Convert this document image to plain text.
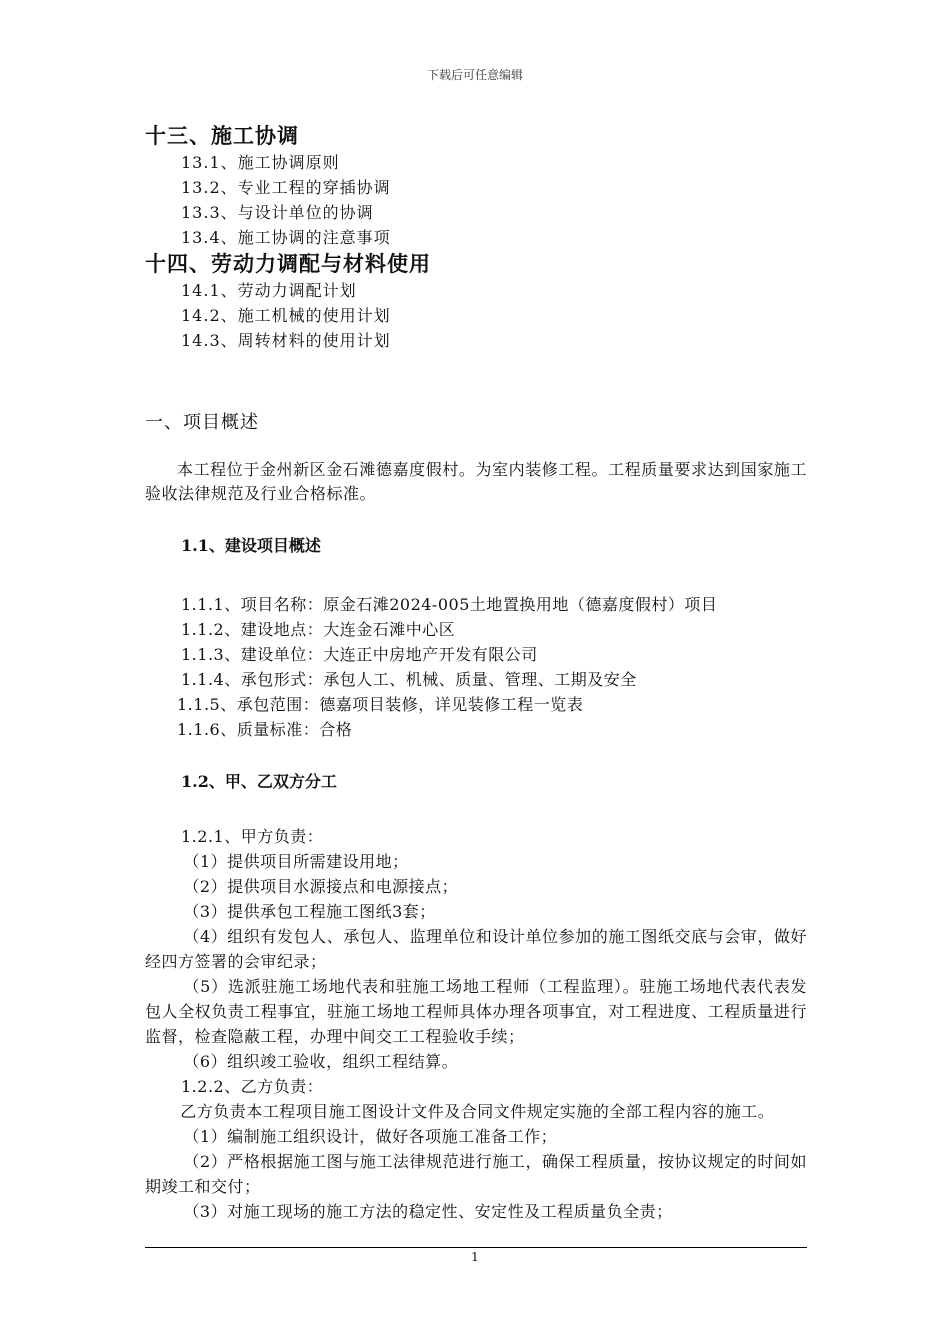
下载后可任意编辑
十三、施工协调
13.1、施工协调原则
13.2、专业工程的穿插协调
13.3、与设计单位的协调
13.4、施工协调的注意事项
十四、劳动力调配与材料使用
14.1、劳动力调配计划
14.2、施工机械的使用计划
14.3、周转材料的使用计划
一、项目概述
本工程位于金州新区金石滩德嘉度假村。为室内装修工程。工程质量要求达到国家施工验收法律规范及行业合格标准。
1.1、建设项目概述
1.1.1、项目名称：原金石滩2024-005土地置换用地（德嘉度假村）项目
1.1.2、建设地点：大连金石滩中心区
1.1.3、建设单位：大连正中房地产开发有限公司
1.1.4、承包形式：承包人工、机械、质量、管理、工期及安全
1.1.5、承包范围：德嘉项目装修，详见装修工程一览表
1.1.6、质量标准：合格
1.2、甲、乙双方分工
1.2.1、甲方负责：
（1）提供项目所需建设用地；
（2）提供项目水源接点和电源接点；
（3）提供承包工程施工图纸3套；
（4）组织有发包人、承包人、监理单位和设计单位参加的施工图纸交底与会审，做好经四方签署的会审纪录；
（5）选派驻施工场地代表和驻施工场地工程师（工程监理）。驻施工场地代表代表发包人全权负责工程事宜，驻施工场地工程师具体办理各项事宜，对工程进度、工程质量进行监督，检查隐蔽工程，办理中间交工工程验收手续；
（6）组织竣工验收，组织工程结算。
1.2.2、乙方负责：
乙方负责本工程项目施工图设计文件及合同文件规定实施的全部工程内容的施工。
（1）编制施工组织设计，做好各项施工准备工作；
（2）严格根据施工图与施工法律规范进行施工，确保工程质量，按协议规定的时间如期竣工和交付；
（3）对施工现场的施工方法的稳定性、安定性及工程质量负全责；
1
